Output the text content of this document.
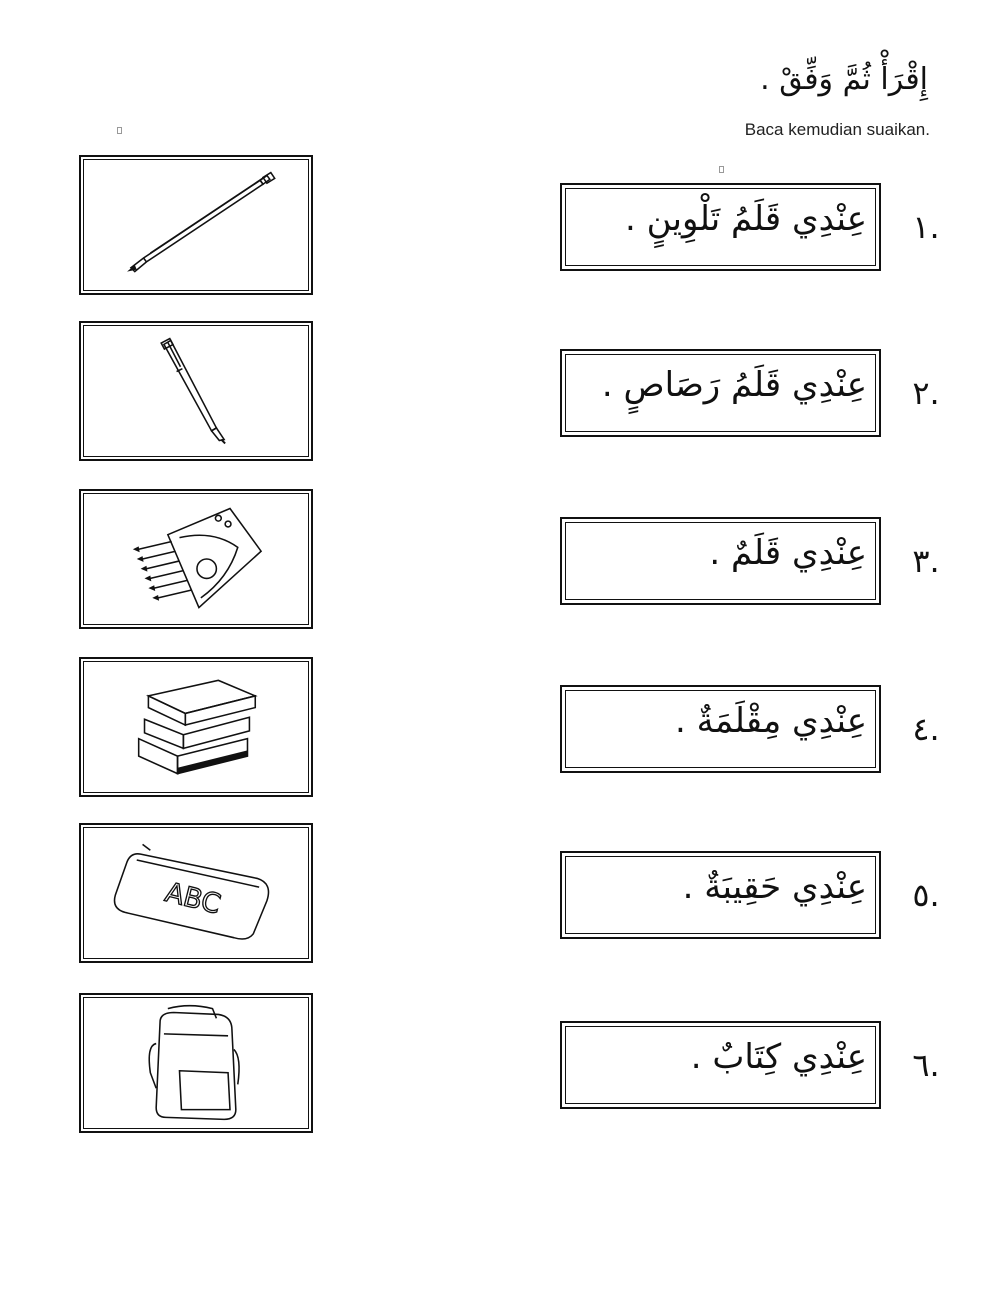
إِقْرَأْ ثُمَّ وَفِّقْ .
Baca kemudian suaikan.
ABC
عِنْدِي قَلَمُ تَلْوِينٍ . .١
عِنْدِي قَلَمُ رَصَاصٍ . .٢
عِنْدِي قَلَمٌ . .٣
عِنْدِي مِقْلَمَةٌ . .٤
عِنْدِي حَقِيبَةٌ . .٥
عِنْدِي كِتَابٌ . .٦
